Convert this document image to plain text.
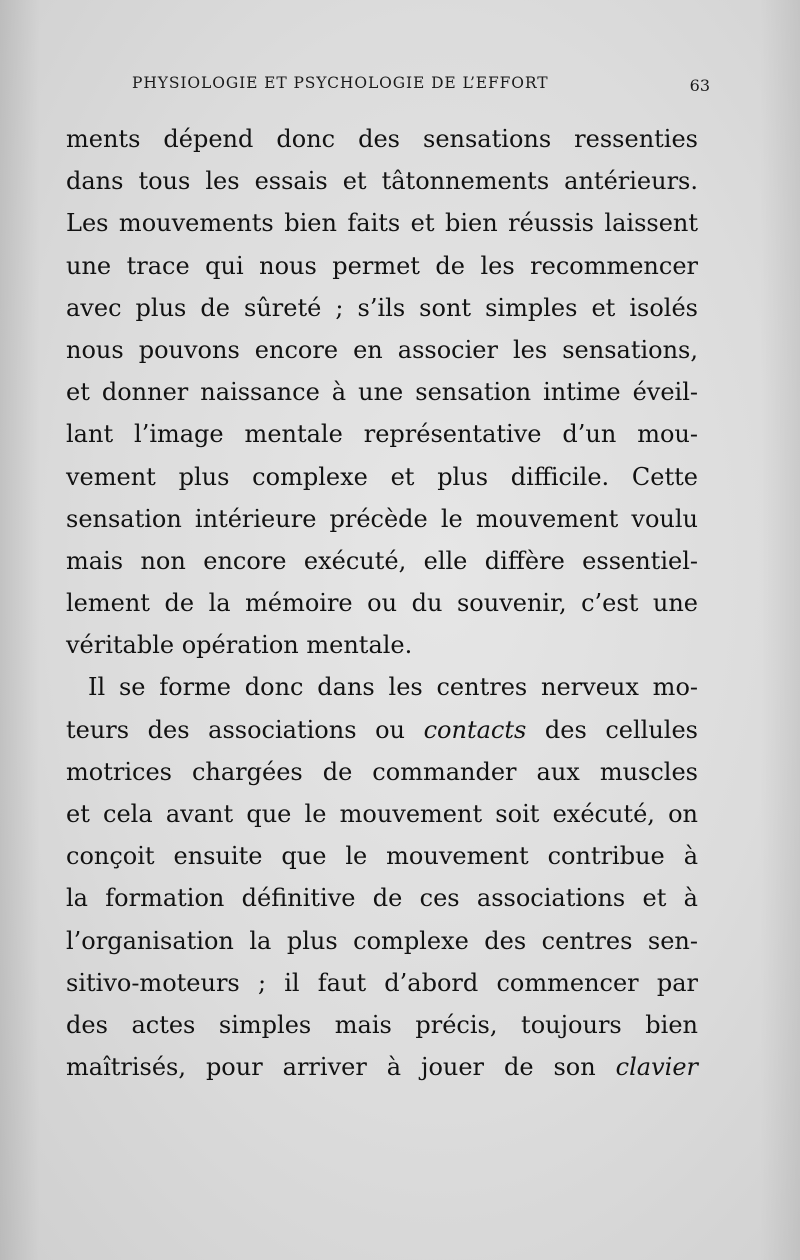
PHYSIOLOGIE ET PSYCHOLOGIE DE L’EFFORT	63
ments dépend donc des sensations ressenties
dans tous les essais et tâtonnements antérieurs.
Les mouvements bien faits et bien réussis laissent
une trace qui nous permet de les recommencer
avec plus de sûreté ; s’ils sont simples et isolés
nous pouvons encore en associer les sensations,
et donner naissance à une sensation intime éveil-
lant l’image mentale représentative d’un mou-
vement plus complexe et plus difficile. Cette
sensation intérieure précède le mouvement voulu
mais non encore exécuté, elle diffère essentiel-
lement de la mémoire ou du souvenir, c’est une
véritable opération mentale.
Il se forme donc dans les centres nerveux mo-
teurs des associations ou contacts des cellules
motrices chargées de commander aux muscles
et cela avant que le mouvement soit exécuté, on
conçoit ensuite que le mouvement contribue à
la formation définitive de ces associations et à
l’organisation la plus complexe des centres sen-
sitivo-moteurs ; il faut d’abord commencer par
des actes simples mais précis, toujours bien
maîtrisés, pour arriver à jouer de son clavier
